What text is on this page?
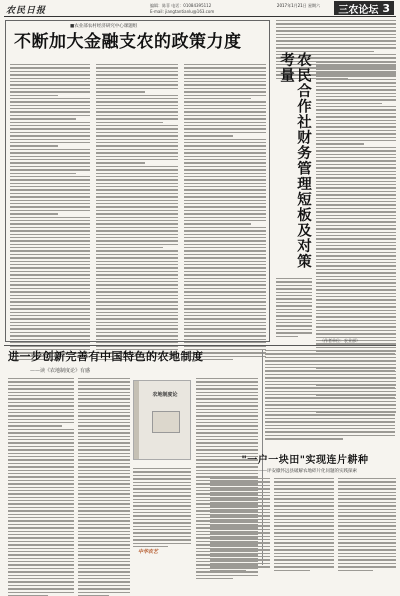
农民日报
编辑：陈菲 电话：01084395112
E-mail: jiangtantianlu@163.com
2017年1月21日 星期六 三农论坛 3
■农业部农村经济研究中心课题组
不断加大金融支农的政策力度
农民合作社财务管理短板及对策考量
进一步创新完善有中国特色的农地制度
——读《农地制度论》有感
农地制度论
中华农艺
"一户一块田"实现连片耕种
——评安徽怀远县破解农地碎片化问题的实践探索
（作者单位：农业部）
